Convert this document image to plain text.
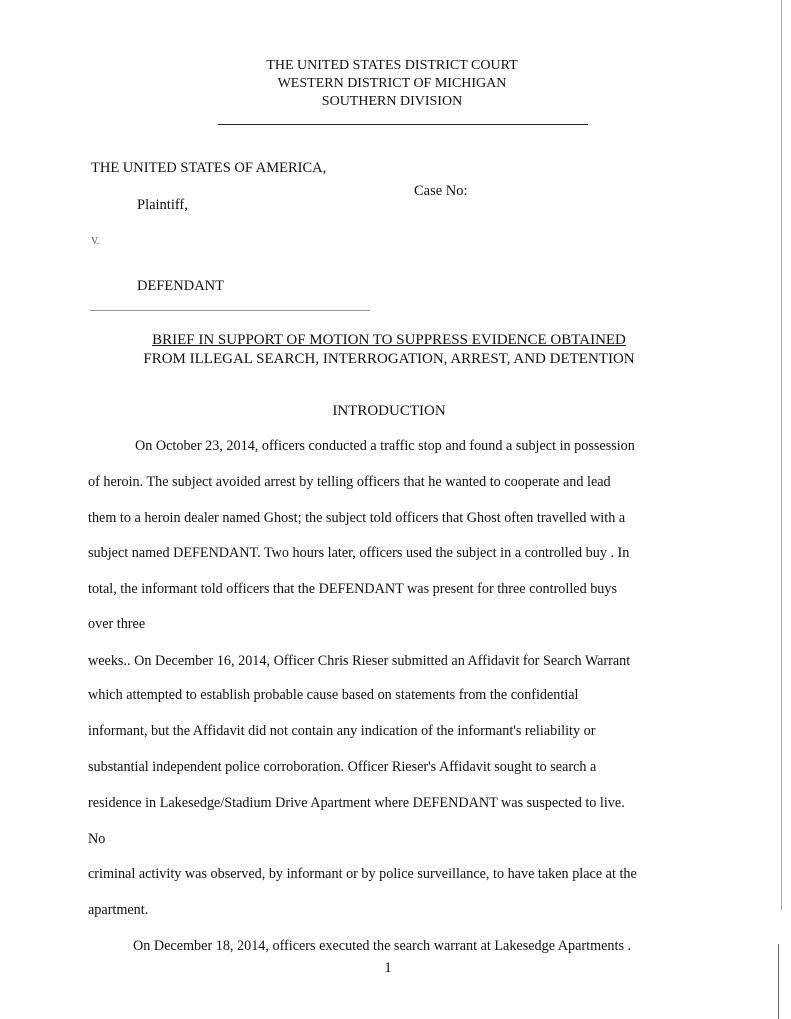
THE UNITED STATES DISTRICT COURT
WESTERN DISTRICT OF MICHIGAN
SOUTHERN DIVISION
THE UNITED STATES OF AMERICA,
Plaintiff,
Case No:
V.
DEFENDANT
BRIEF IN SUPPORT OF MOTION TO SUPPRESS EVIDENCE OBTAINED
FROM ILLEGAL SEARCH, INTERROGATION, ARREST, AND DETENTION
INTRODUCTION
On October 23, 2014, officers conducted a traffic stop and found a subject in possession
of heroin. The subject avoided arrest by telling officers that he wanted to cooperate and lead
them to a heroin dealer named Ghost; the subject told officers that Ghost often travelled with a
subject named DEFENDANT. Two hours later, officers used the subject in a controlled buy . In
total, the informant told officers that the DEFENDANT was present for three controlled buys
over three
weeks.. On December 16, 2014, Officer Chris Rieser submitted an Affidavit for Search Warrant
which attempted to establish probable cause based on statements from the confidential
informant, but the Affidavit did not contain any indication of the informant's reliability or
substantial independent police corroboration. Officer Rieser's Affidavit sought to search a
residence in Lakesedge/Stadium Drive Apartment where DEFENDANT was suspected to live.
No
criminal activity was observed, by informant or by police surveillance, to have taken place at the
apartment.
On December 18, 2014, officers executed the search warrant at Lakesedge Apartments .
1
